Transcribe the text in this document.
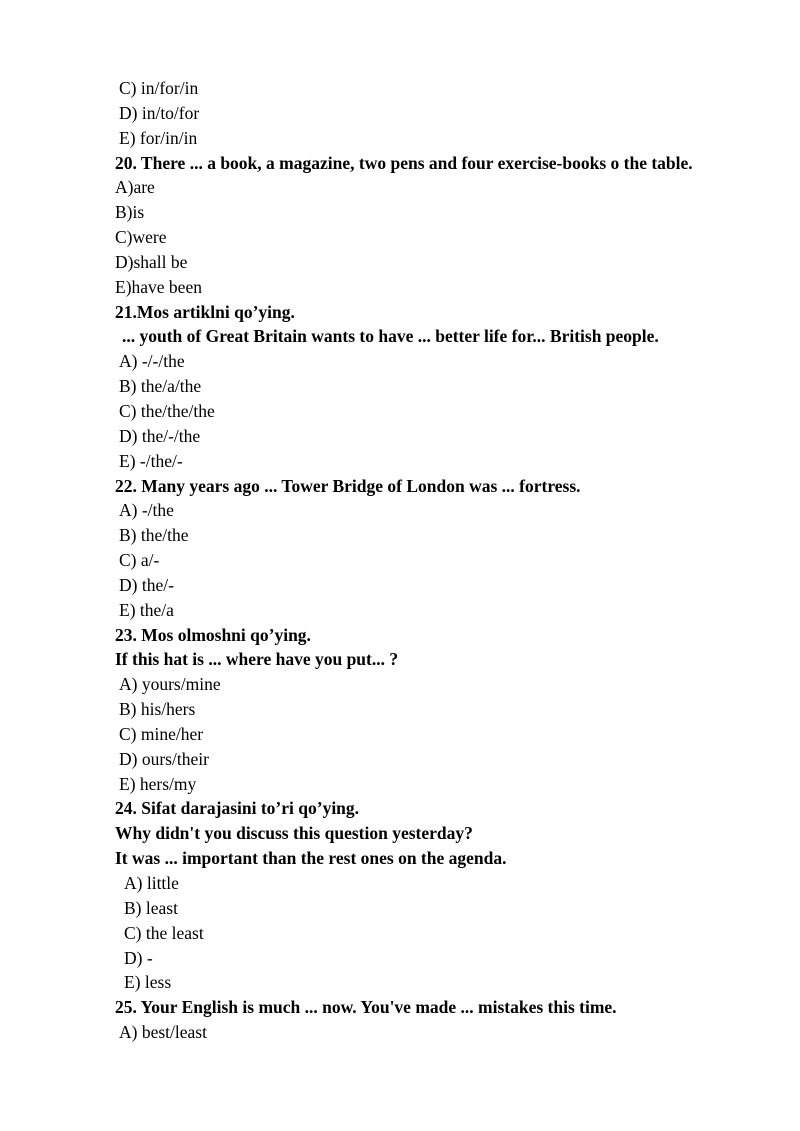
C) in/for/in
D) in/to/for
E) for/in/in
20. There ... a book, a magazine, two pens and four exercise-books o the table.
A)are
B)is
C)were
D)shall be
E)have been
21.Mos artiklni qo’ying.
... youth of Great Britain wants to have ... better life for... British people.
A) -/-/the
B) the/a/the
C) the/the/the
D) the/-/the
E) -/the/-
22. Many years ago ... Tower Bridge of London was ... fortress.
A) -/the
B) the/the
C) a/-
D) the/-
E) the/a
23. Mos olmoshni qo’ying.
If this hat is ... where have you put... ?
A) yours/mine
B) his/hers
C) mine/her
D) ours/their
E) hers/my
24. Sifat darajasini to’ri qo’ying.
Why didn't you discuss this question yesterday?
It was ... important than the rest ones on the agenda.
A) little
B) least
C) the least
D) -
E) less
25. Your English is much ... now. You've made ... mistakes this time.
A) best/least
